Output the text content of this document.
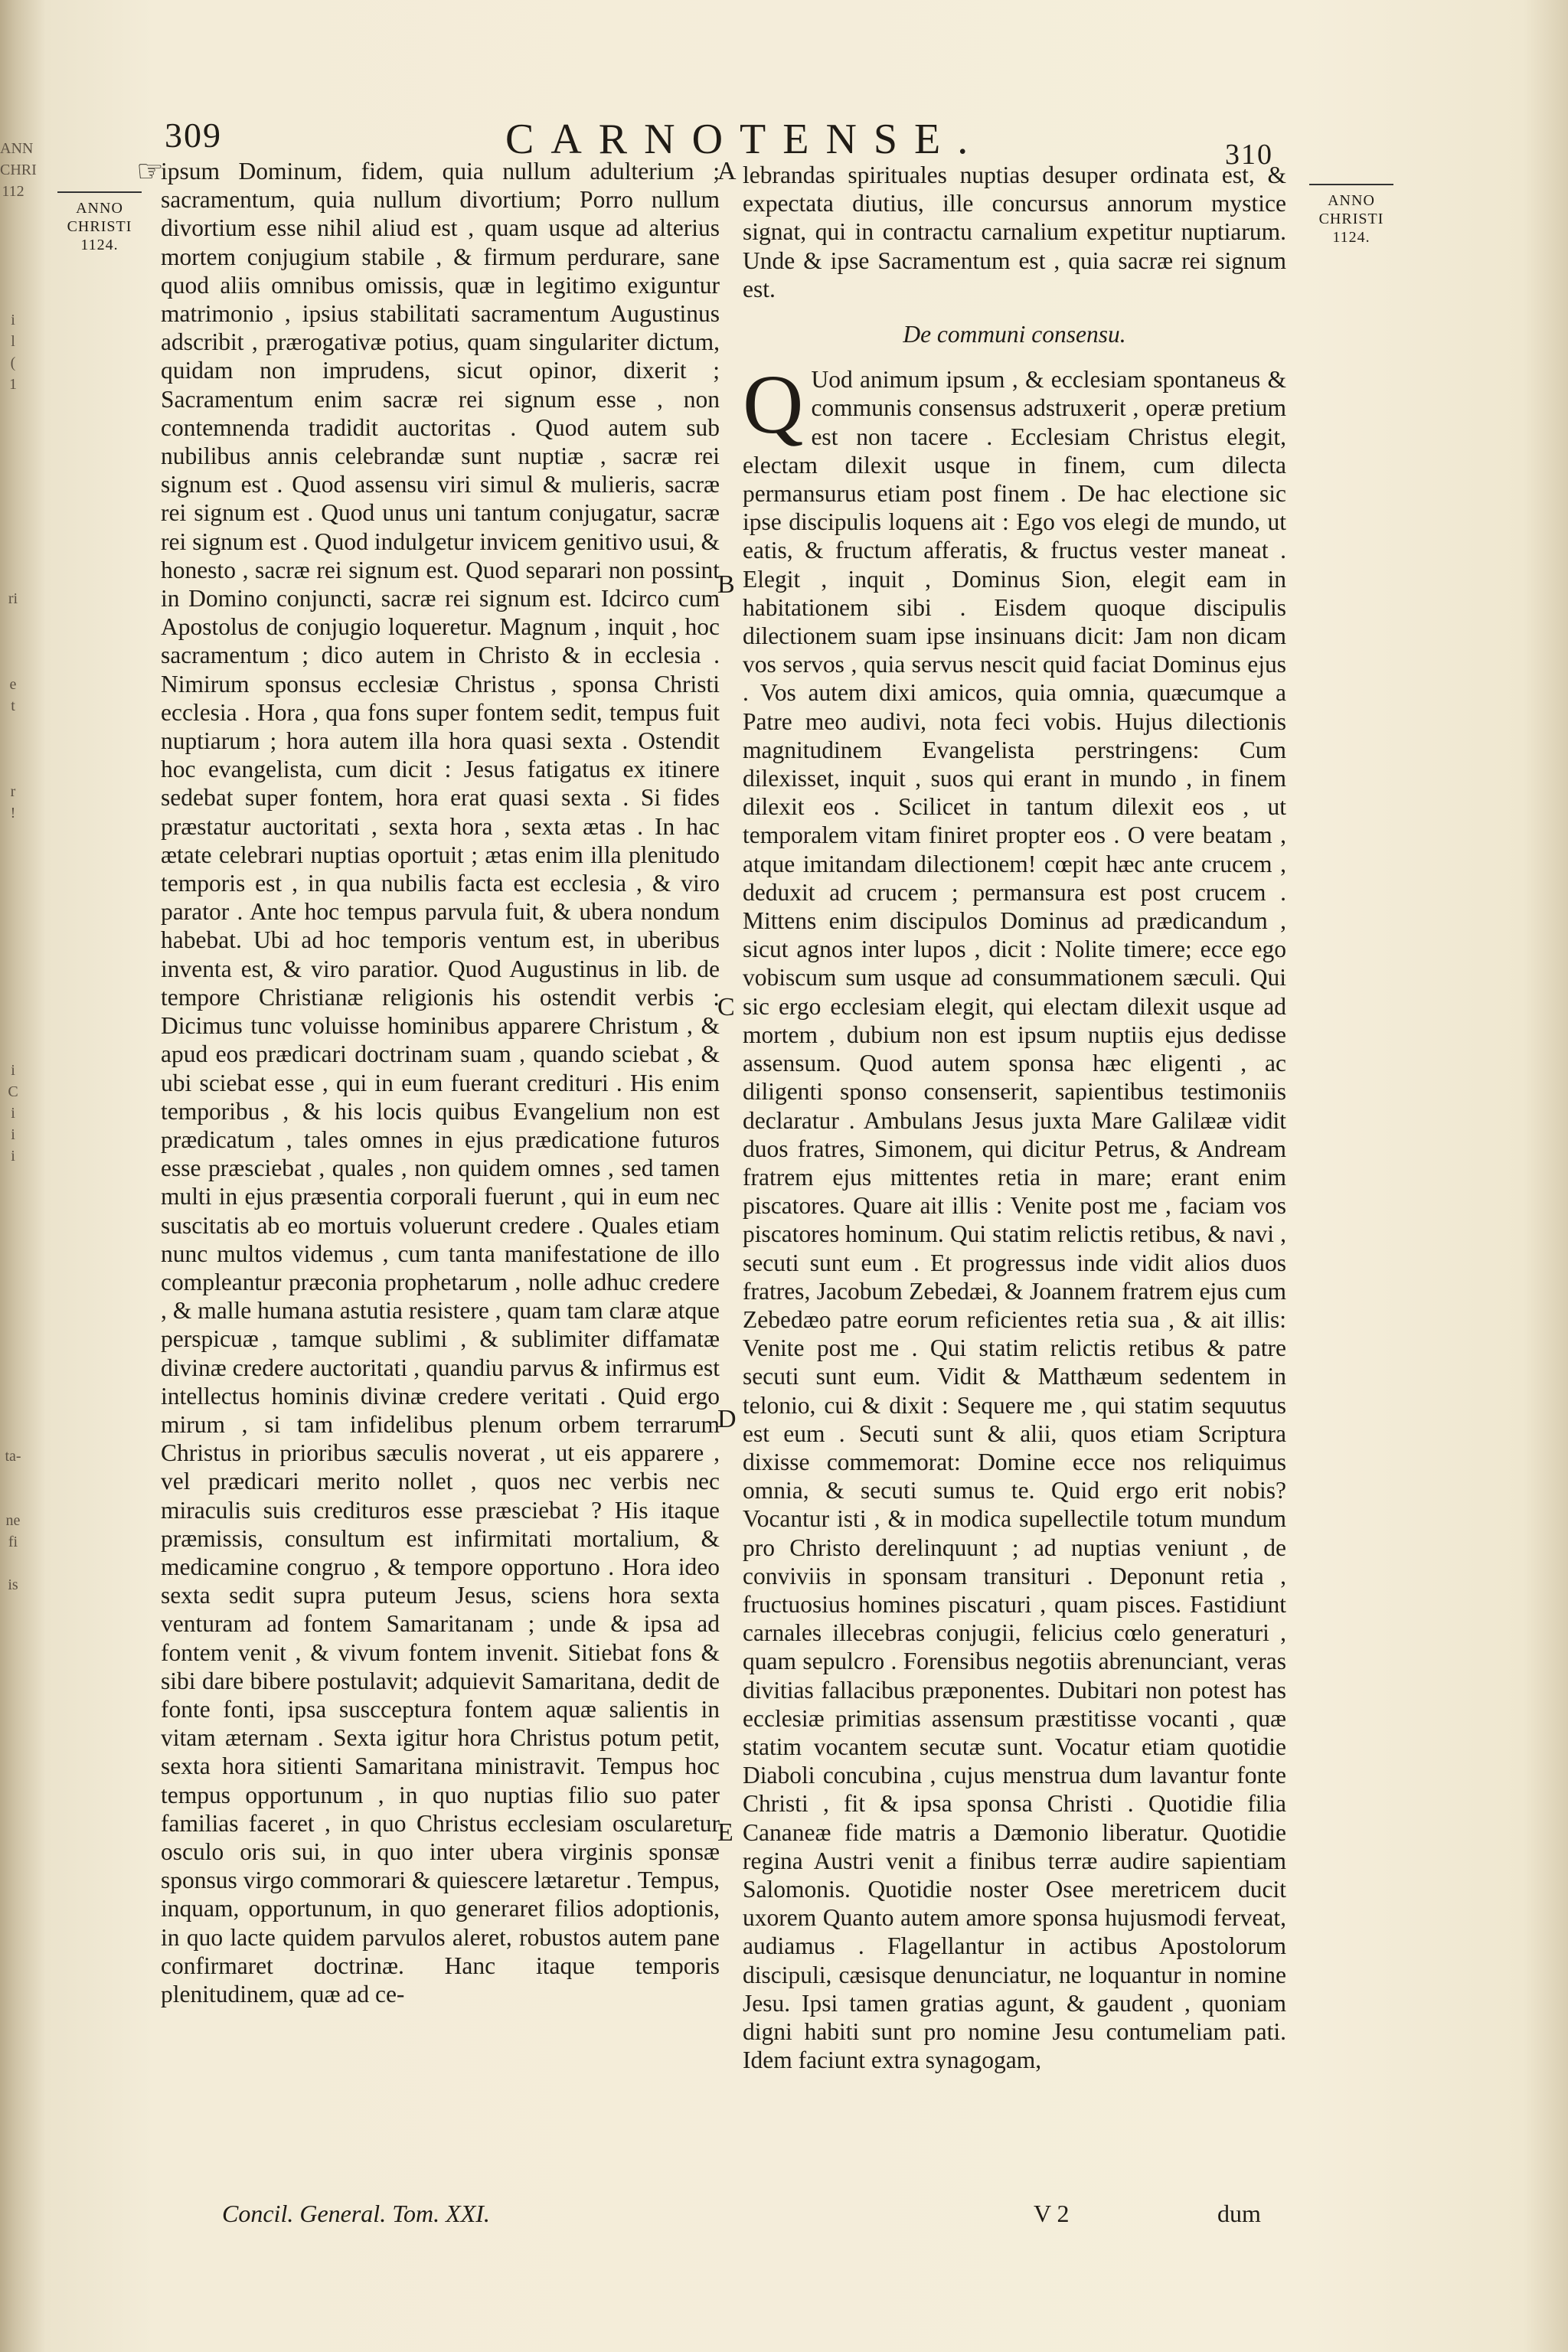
ANN
CHRI
112

i
l
(
1

ri

e
t

r
!

i
C
i
i
i

ta-

ne
fi

is
309	CARNOTENSE.	310
ANNO
CHRISTI
1124.
ANNO
CHRISTI
1124.
☞

ipsum Dominum, fidem, quia nullum adulterium ; sacramentum, quia nullum divortium; Porro nullum divortium esse nihil aliud est , quam usque ad alterius mortem conjugium stabile , & firmum perdurare, sane quod aliis omnibus omissis, quæ in legitimo exiguntur matrimonio , ipsius stabilitati sacramentum Augustinus adscribit , prærogativæ potius, quam singulariter dictum, quidam non imprudens, sicut opinor, dixerit ; Sacramentum enim sacræ rei signum esse , non contemnenda tradidit auctoritas . Quod autem sub nubilibus annis celebrandæ sunt nuptiæ , sacræ rei signum est . Quod assensu viri simul & mulieris, sacræ rei signum est . Quod unus uni tantum conjugatur, sacræ rei signum est . Quod indulgetur invicem genitivo usui, & honesto , sacræ rei signum est. Quod separari non possint in Domino conjuncti, sacræ rei signum est. Idcirco cum Apostolus de conjugio loqueretur. Magnum , inquit , hoc sacramentum ; dico autem in Christo & in ecclesia . Nimirum sponsus ecclesiæ Christus , sponsa Christi ecclesia . Hora , qua fons super fontem sedit, tempus fuit nuptiarum ; hora autem illa hora quasi sexta . Ostendit hoc evangelista, cum dicit : Jesus fatigatus ex itinere sedebat super fontem, hora erat quasi sexta . Si fides præstatur auctoritati , sexta hora , sexta ætas . In hac ætate celebrari nuptias oportuit ; ætas enim illa plenitudo temporis est , in qua nubilis facta est ecclesia , & viro parator . Ante hoc tempus parvula fuit, & ubera nondum habebat. Ubi ad hoc temporis ventum est, in uberibus inventa est, & viro paratior. Quod Augustinus in lib. de tempore Christianæ religionis his ostendit verbis : Dicimus tunc voluisse hominibus apparere Christum , & apud eos prædicari doctrinam suam , quando sciebat , & ubi sciebat esse , qui in eum fuerant credituri . His enim temporibus , & his locis quibus Evangelium non est prædicatum , tales omnes in ejus prædicatione futuros esse præsciebat , quales , non quidem omnes , sed tamen multi in ejus præsentia corporali fuerunt , qui in eum nec suscitatis ab eo mortuis voluerunt credere . Quales etiam nunc multos videmus , cum tanta manifestatione de illo compleantur præconia prophetarum , nolle adhuc credere , & malle humana astutia resistere , quam tam claræ atque perspicuæ , tamque sublimi , & sublimiter diffamatæ divinæ credere auctoritati , quandiu parvus & infirmus est intellectus hominis divinæ credere veritati . Quid ergo mirum , si tam infidelibus plenum orbem terrarum Christus in prioribus sæculis noverat , ut eis apparere , vel prædicari merito nollet , quos nec verbis nec miraculis suis credituros esse præsciebat ? His itaque præmissis, consultum est infirmitati mortalium, & medicamine congruo , & tempore opportuno . Hora ideo sexta sedit supra puteum Jesus, sciens hora sexta venturam ad fontem Samaritanam ; unde & ipsa ad fontem venit , & vivum fontem invenit. Sitiebat fons & sibi dare bibere postulavit; adquievit Samaritana, dedit de fonte fonti, ipsa suscceptura fontem aquæ salientis in vitam æternam . Sexta igitur hora Christus potum petit, sexta hora sitienti Samaritana ministravit. Tempus hoc tempus opportunum , in quo nuptias filio suo pater familias faceret , in quo Christus ecclesiam oscularetur osculo oris sui, in quo inter ubera virginis sponsæ sponsus virgo commorari & quiescere lætaretur . Tempus, inquam, opportunum, in quo generaret filios adoptionis, in quo lacte quidem parvulos aleret, robustos autem pane confirmaret doctrinæ. Hanc itaque temporis plenitudinem, quæ ad ce-

A
B
C
D
E

lebrandas spirituales nuptias desuper ordinata est, & expectata diutius, ille concursus annorum mystice signat, qui in contractu carnalium expetitur nuptiarum. Unde & ipse Sacramentum est , quia sacræ rei signum est.

De communi consensu.

Q Uod animum ipsum , & ecclesiam spontaneus & communis consensus adstruxerit , operæ pretium est non tacere . Ecclesiam Christus elegit, electam dilexit usque in finem, cum dilecta permansurus etiam post finem . De hac electione sic ipse discipulis loquens ait : Ego vos elegi de mundo, ut eatis, & fructum afferatis, & fructus vester maneat . Elegit , inquit , Dominus Sion, elegit eam in habitationem sibi . Eisdem quoque discipulis dilectionem suam ipse insinuans dicit: Jam non dicam vos servos , quia servus nescit quid faciat Dominus ejus . Vos autem dixi amicos, quia omnia, quæcumque a Patre meo audivi, nota feci vobis. Hujus dilectionis magnitudinem Evangelista perstringens: Cum dilexisset, inquit , suos qui erant in mundo , in finem dilexit eos . Scilicet in tantum dilexit eos , ut temporalem vitam finiret propter eos . O vere beatam , atque imitandam dilectionem! cœpit hæc ante crucem , deduxit ad crucem ; permansura est post crucem . Mittens enim discipulos Dominus ad prædicandum , sicut agnos inter lupos , dicit : Nolite timere; ecce ego vobiscum sum usque ad consummationem sæculi. Qui sic ergo ecclesiam elegit, qui electam dilexit usque ad mortem , dubium non est ipsum nuptiis ejus dedisse assensum. Quod autem sponsa hæc eligenti , ac diligenti sponso consenserit, sapientibus testimoniis declaratur . Ambulans Jesus juxta Mare Galilææ vidit duos fratres, Simonem, qui dicitur Petrus, & Andream fratrem ejus mittentes retia in mare; erant enim piscatores. Quare ait illis : Venite post me , faciam vos piscatores hominum. Qui statim relictis retibus, & navi , secuti sunt eum . Et progressus inde vidit alios duos fratres, Jacobum Zebedæi, & Joannem fratrem ejus cum Zebedæo patre eorum reficientes retia sua , & ait illis: Venite post me . Qui statim relictis retibus & patre secuti sunt eum. Vidit & Matthæum sedentem in telonio, cui & dixit : Sequere me , qui statim sequutus est eum . Secuti sunt & alii, quos etiam Scriptura dixisse commemorat: Domine ecce nos reliquimus omnia, & secuti sumus te. Quid ergo erit nobis? Vocantur isti , & in modica supellectile totum mundum pro Christo derelinquunt ; ad nuptias veniunt , de conviviis in sponsam transituri . Deponunt retia , fructuosius homines piscaturi , quam pisces. Fastidiunt carnales illecebras conjugii, felicius cœlo generaturi , quam sepulcro . Forensibus negotiis abrenunciant, veras divitias fallacibus præponentes. Dubitari non potest has ecclesiæ primitias assensum præstitisse vocanti , quæ statim vocantem secutæ sunt. Vocatur etiam quotidie Diaboli concubina , cujus menstrua dum lavantur fonte Christi , fit & ipsa sponsa Christi . Quotidie filia Cananeæ fide matris a Dæmonio liberatur. Quotidie regina Austri venit a finibus terræ audire sapientiam Salomonis. Quotidie noster Osee meretricem ducit uxorem Quanto autem amore sponsa hujusmodi ferveat, audiamus . Flagellantur in actibus Apostolorum discipuli, cæsisque denunciatur, ne loquantur in nomine Jesu. Ipsi tamen gratias agunt, & gaudent , quoniam digni habiti sunt pro nomine Jesu contumeliam pati. Idem faciunt extra synagogam,

Concil. General. Tom. XXI.	V 2	dum
